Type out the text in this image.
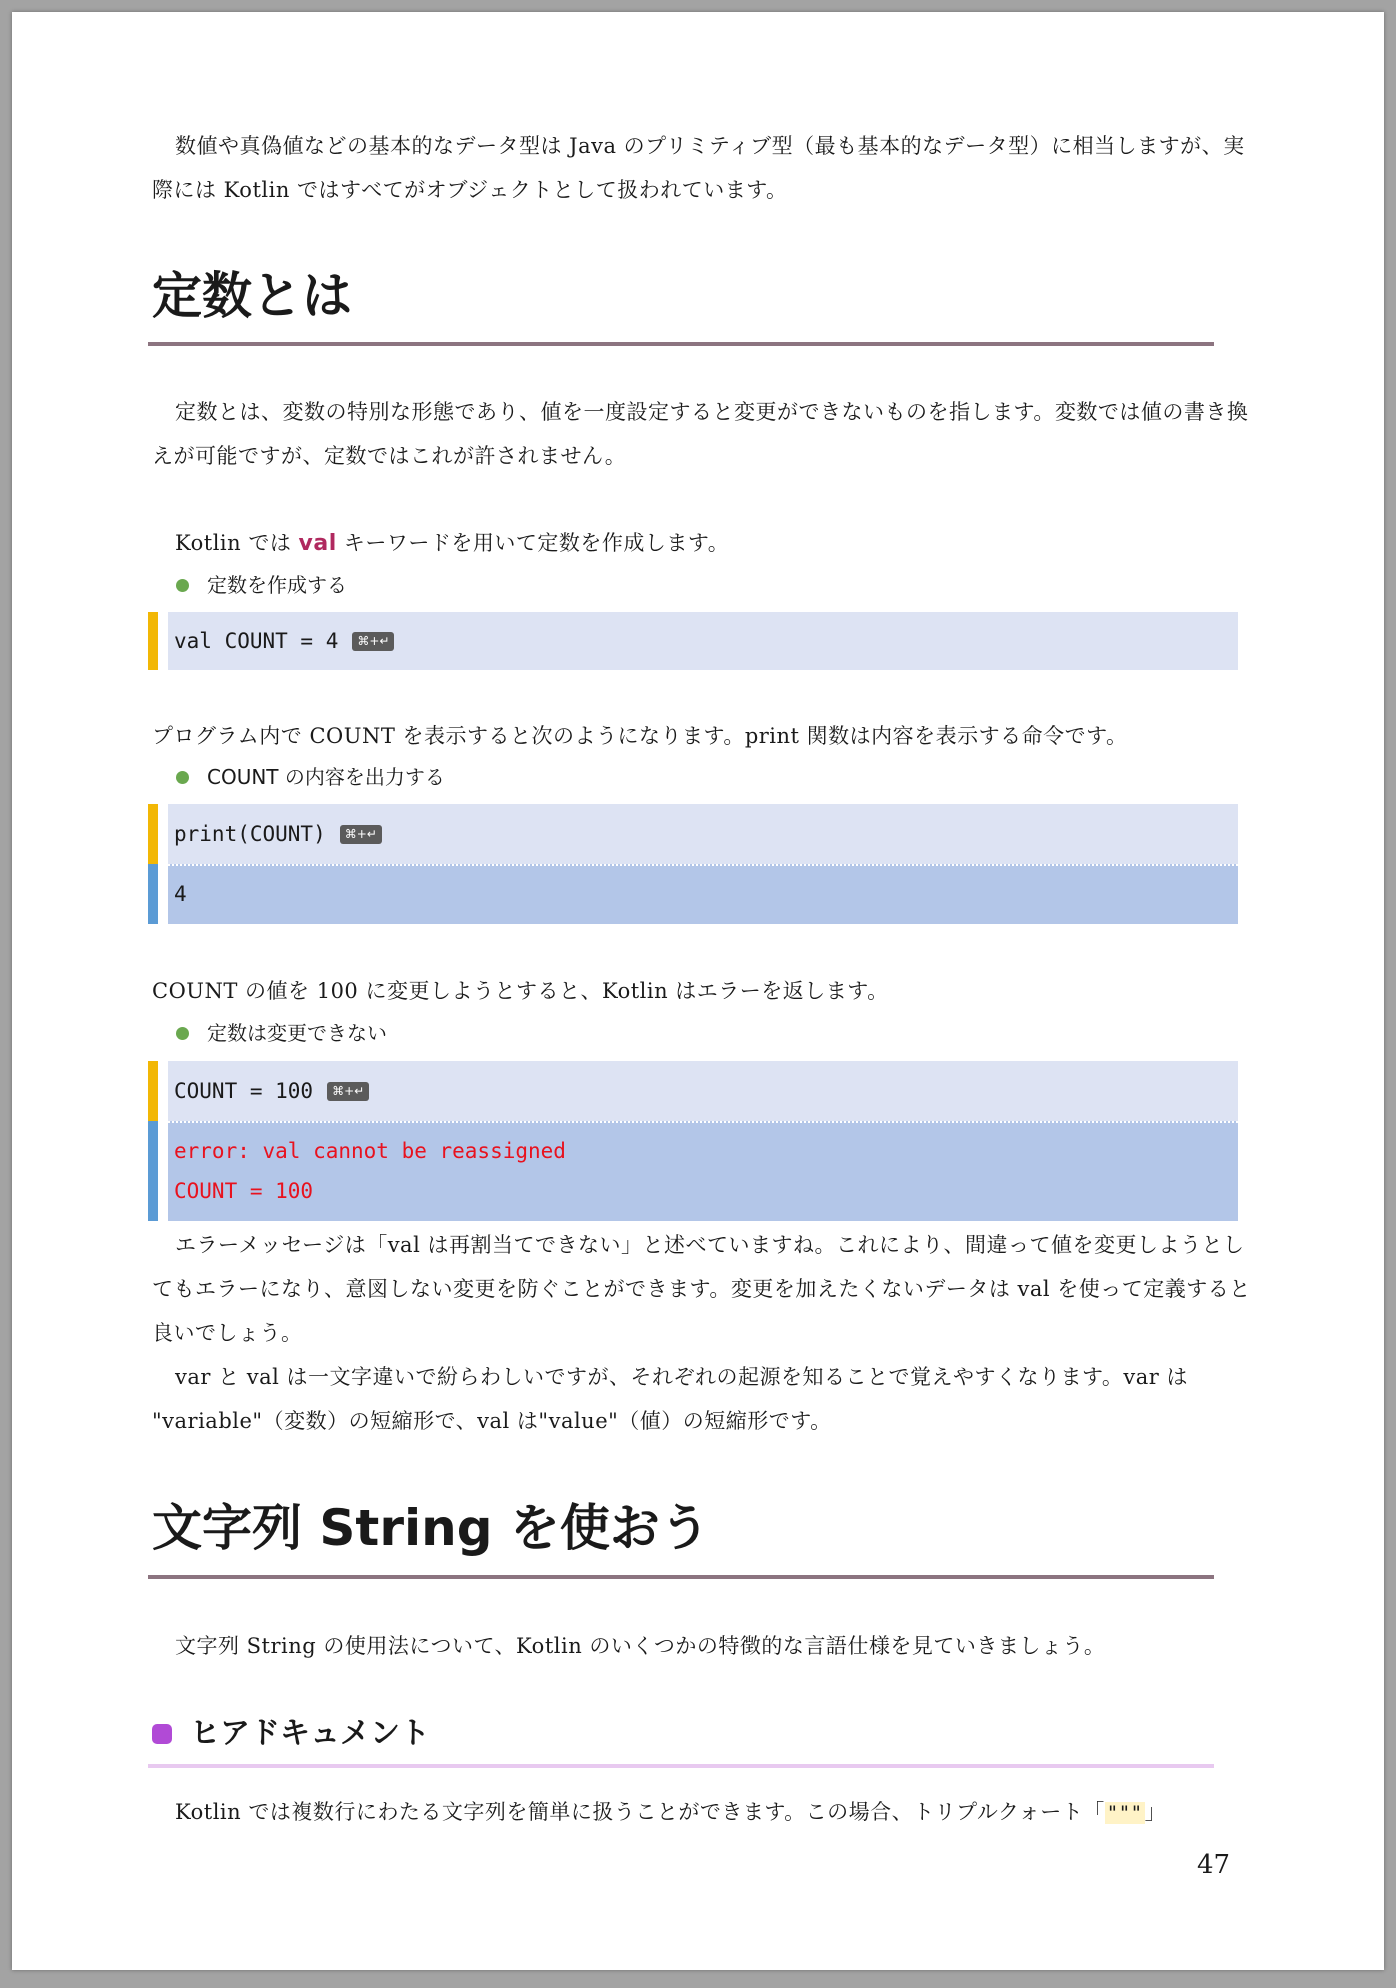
数値や真偽値などの基本的なデータ型は Java のプリミティブ型（最も基本的なデータ型）に相当しますが、実際には Kotlin ではすべてがオブジェクトとして扱われています。
定数とは
定数とは、変数の特別な形態であり、値を一度設定すると変更ができないものを指します。変数では値の書き換えが可能ですが、定数ではこれが許されません。
Kotlin では val キーワードを用いて定数を作成します。
定数を作成する
val COUNT = 4	⌘+↵
プログラム内で COUNT を表示すると次のようになります。print 関数は内容を表示する命令です。
COUNT の内容を出力する
print(COUNT)	⌘+↵
4
COUNT の値を 100 に変更しようとすると、Kotlin はエラーを返します。
定数は変更できない
COUNT = 100	⌘+↵
error: val cannot be reassigned
COUNT = 100
エラーメッセージは「val は再割当てできない」と述べていますね。これにより、間違って値を変更しようとしてもエラーになり、意図しない変更を防ぐことができます。変更を加えたくないデータは val を使って定義すると良いでしょう。
var と val は一文字違いで紛らわしいですが、それぞれの起源を知ることで覚えやすくなります。var は "variable"（変数）の短縮形で、val は"value"（値）の短縮形です。
文字列 String を使おう
文字列 String の使用法について、Kotlin のいくつかの特徴的な言語仕様を見ていきましょう。
ヒアドキュメント
Kotlin では複数行にわたる文字列を簡単に扱うことができます。この場合、トリプルクォート「 """」
47
